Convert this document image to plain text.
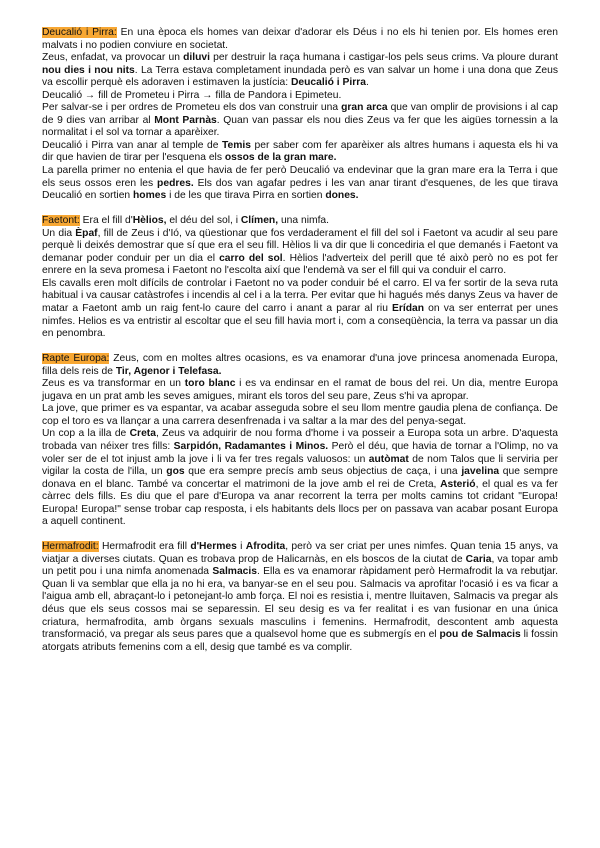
Deucalió i Pirra: En una època els homes van deixar d'adorar els Déus i no els hi tenien por. Els homes eren malvats i no podien conviure en societat.

Zeus, enfadat, va provocar un diluvi per destruir la raça humana i castigar-los pels seus crims. Va ploure durant nou dies i nou nits. La Terra estava completament inundada però es van salvar un home i una dona que Zeus va escollir perquè els adoraven i estimaven la justícia: Deucalió i Pirra.

Deucalió → fill de Prometeu i Pirra → filla de Pandora i Epimeteu.

Per salvar-se i per ordres de Prometeu els dos van construir una gran arca que van omplir de provisions i al cap de 9 dies van arribar al Mont Parnàs. Quan van passar els nou dies Zeus va fer que les aigües tornessin a la normalitat i el sol va tornar a aparèixer.

Deucalió i Pirra van anar al temple de Temis per saber com fer aparèixer als altres humans i aquesta els hi va dir que havien de tirar per l'esquena els ossos de la gran mare.

La parella primer no entenia el que havia de fer però Deucalió va endevinar que la gran mare era la Terra i que els seus ossos eren les pedres. Els dos van agafar pedres i les van anar tirant d'esquenes, de les que tirava Deucalió en sortien homes i de les que tirava Pirra en sortien dones.

Faetont: Era el fill d'Hèlios, el déu del sol, i Clímen, una nimfa.

Un dia Èpaf, fill de Zeus i d'Ió, va qüestionar que fos verdaderament el fill del sol i Faetont va acudir al seu pare perquè li deixés demostrar que sí que era el seu fill. Hèlios li va dir que li concediria el que demanés i Faetont va demanar poder conduir per un dia el carro del sol. Hèlios l'adverteix del perill que té això però no es pot fer enrere en la seva promesa i Faetont no l'escolta així que l'endemà va ser el fill qui va conduir el carro.

Els cavalls eren molt difícils de controlar i Faetont no va poder conduir bé el carro. El va fer sortir de la seva ruta habitual i va causar catàstrofes i incendis al cel i a la terra. Per evitar que hi hagués més danys Zeus va haver de matar a Faetont amb un raig fent-lo caure del carro i anant a parar al riu Erídan on va ser enterrat per unes nimfes. Helios es va entristir al escoltar que el seu fill havia mort i, com a conseqüència, la terra va passar un dia en penombra.

Rapte Europa: Zeus, com en moltes altres ocasions, es va enamorar d'una jove princesa anomenada Europa, filla dels reis de Tir, Agenor i Telefasa.

Zeus es va transformar en un toro blanc i es va endinsar en el ramat de bous del rei. Un dia, mentre Europa jugava en un prat amb les seves amigues, mirant els toros del seu pare, Zeus s'hi va apropar.

La jove, que primer es va espantar, va acabar asseguda sobre el seu llom mentre gaudia plena de confiança. De cop el toro es va llançar a una carrera desenfrenada i va saltar a la mar des del penya-segat.

Un cop a la illa de Creta, Zeus va adquirir de nou forma d'home i va posseir a Europa sota un arbre. D'aquesta trobada van néixer tres fills: Sarpidón, Radamantes i Minos. Però el déu, que havia de tornar a l'Olimp, no va voler ser de el tot injust amb la jove i li va fer tres regals valuosos: un autòmat de nom Talos que li serviria per vigilar la costa de l'illa, un gos que era sempre precís amb seus objectius de caça, i una javelina que sempre donava en el blanc. També va concertar el matrimoni de la jove amb el rei de Creta, Asterió, el qual es va fer càrrec dels fills. Es diu que el pare d'Europa va anar recorrent la terra per molts camins tot cridant "Europa! Europa! Europa!" sense trobar cap resposta, i els habitants dels llocs per on passava van acabar posant Europa a aquell continent.

Hermafrodit: Hermafrodit era fill d'Hermes i Afrodita, però va ser criat per unes nimfes. Quan tenia 15 anys, va viatjar a diverses ciutats. Quan es trobava prop de Halicarnàs, en els boscos de la ciutat de Caria, va topar amb un petit pou i una nimfa anomenada Salmacis. Ella es va enamorar ràpidament però Hermafrodit la va rebutjar. Quan li va semblar que ella ja no hi era, va banyar-se en el seu pou. Salmacis va aprofitar l'ocasió i es va ficar a l'aigua amb ell, abraçant-lo i petonejant-lo amb força. El noi es resistia i, mentre lluitaven, Salmacis va pregar als déus que els seus cossos mai se separessin. El seu desig es va fer realitat i es van fusionar en una única criatura, hermafrodita, amb òrgans sexuals masculins i femenins. Hermafrodit, descontent amb aquesta transformació, va pregar als seus pares que a qualsevol home que es submergís en el pou de Salmacis li fossin atorgats atributs femenins com a ell, desig que també es va complir.
